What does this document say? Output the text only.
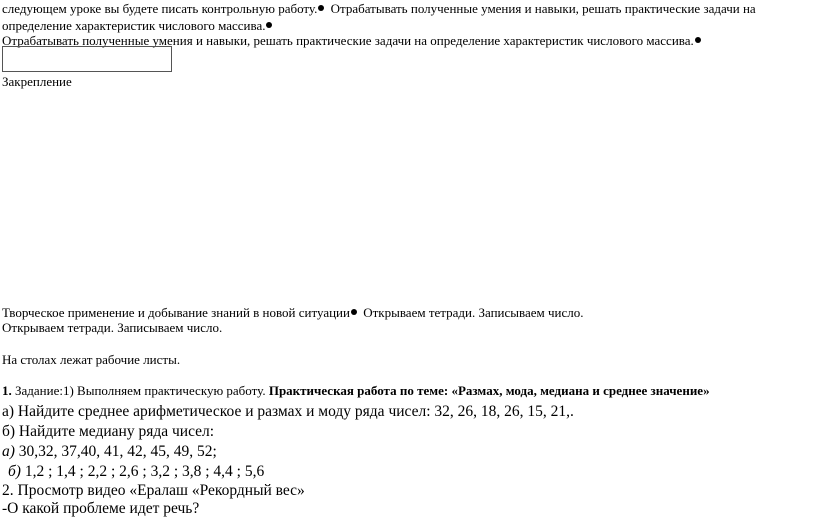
следующем уроке вы будете писать контрольную работу. Отрабатывать полученные умения и навыки, решать практические задачи на
определение характеристик числового массива.
Отрабатывать полученные умения и навыки, решать практические задачи на определение характеристик числового массива.
Закрепление
Творческое применение и добывание знаний в новой ситуации Открываем тетради. Записываем число.
Открываем тетради. Записываем число.
На столах лежат рабочие листы.
1. Задание:1) Выполняем практическую работу. Практическая работа по теме: «Размах, мода, медиана и среднее значение»
а) Найдите среднее арифметическое и размах и моду ряда чисел: 32, 26, 18, 26, 15, 21,.
б) Найдите медиану ряда чисел:
а) 30,32, 37,40, 41, 42, 45, 49, 52;
б) 1,2 ; 1,4 ; 2,2 ; 2,6 ; 3,2 ; 3,8 ; 4,4 ; 5,6
2. Просмотр видео «Ералаш «Рекордный вес»
-О какой проблеме идет речь?
